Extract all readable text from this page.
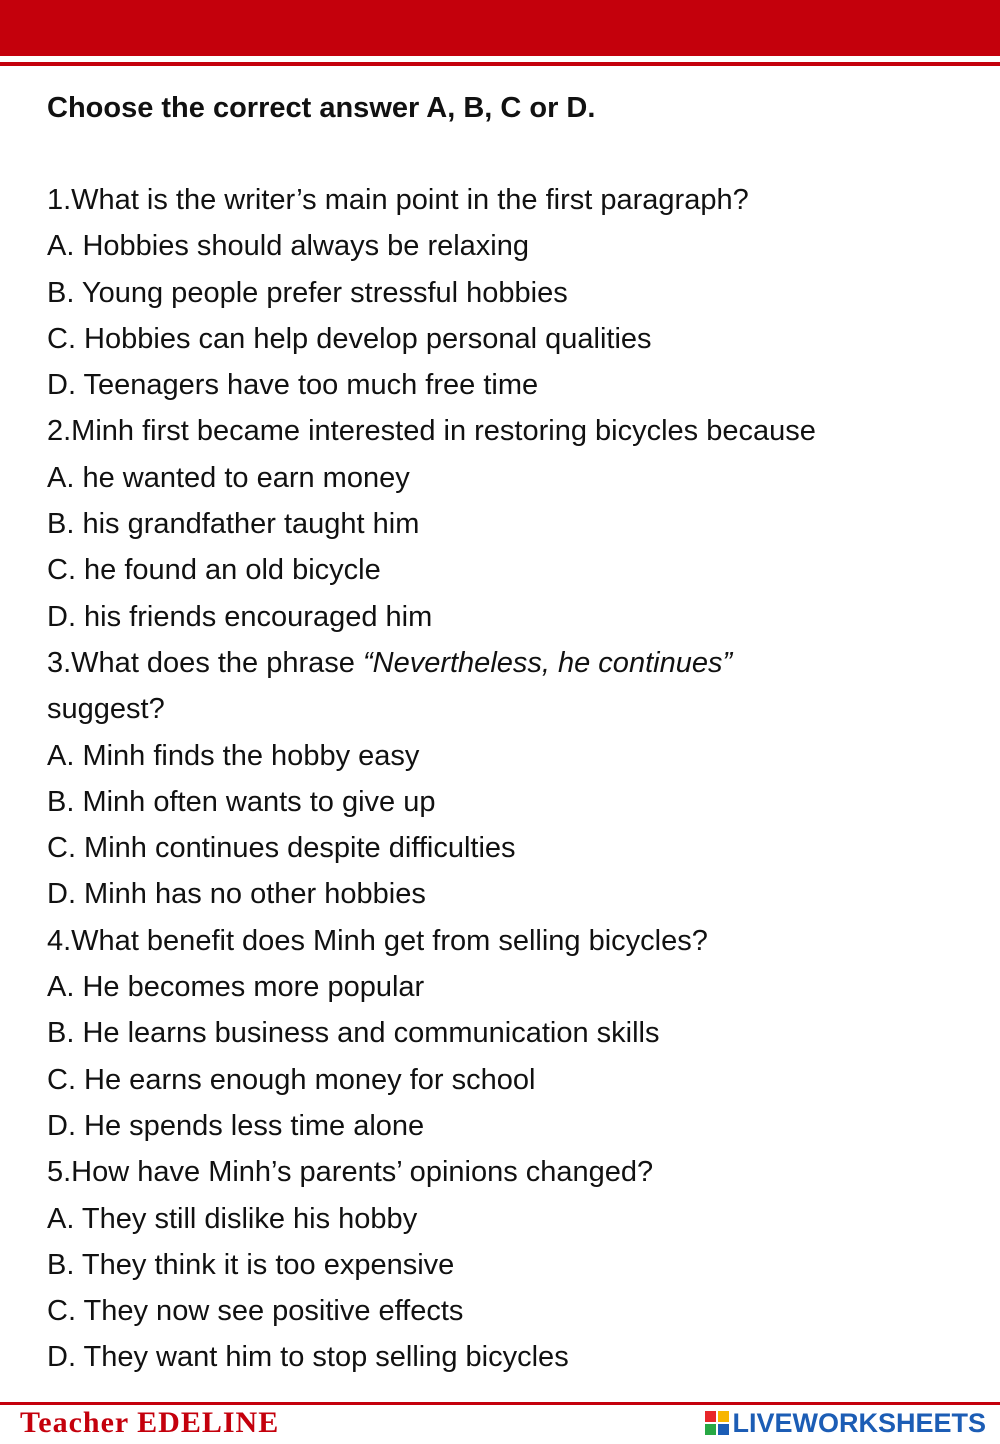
Choose the correct answer A, B, C or D.

1.What is the writer’s main point in the first paragraph?

A. Hobbies should always be relaxing

B. Young people prefer stressful hobbies

C. Hobbies can help develop personal qualities

D. Teenagers have too much free time

2.Minh first became interested in restoring bicycles because

A. he wanted to earn money

B. his grandfather taught him

C. he found an old bicycle

D. his friends encouraged him

3.What does the phrase “Nevertheless, he continues”

suggest?

A. Minh finds the hobby easy

B. Minh often wants to give up

C. Minh continues despite difficulties

D. Minh has no other hobbies

4.What benefit does Minh get from selling bicycles?

A. He becomes more popular

B. He learns business and communication skills

C. He earns enough money for school

D. He spends less time alone

5.How have Minh’s parents’ opinions changed?

A. They still dislike his hobby

B. They think it is too expensive

C. They now see positive effects

D. They want him to stop selling bicycles

Teacher EDELINE	LIVEWORKSHEETS
